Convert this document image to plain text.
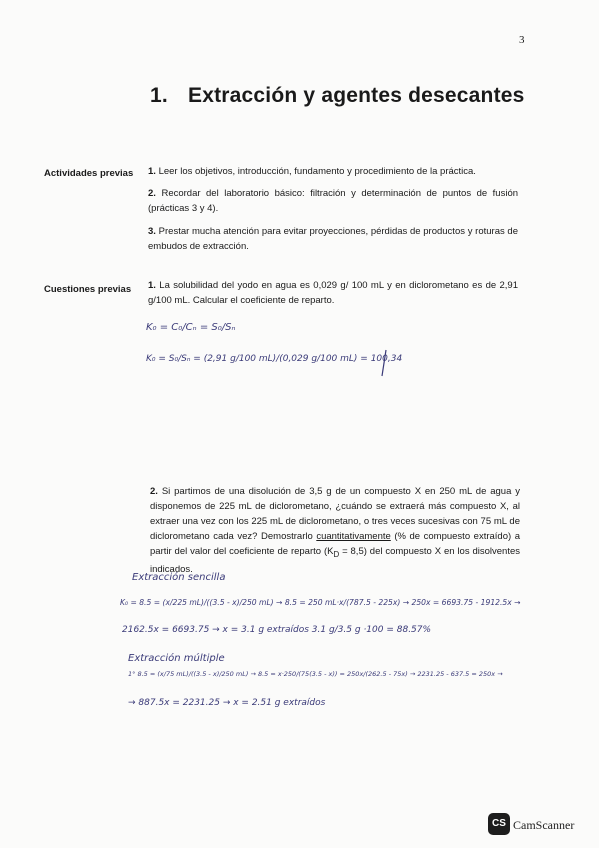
3
1. Extracción y agentes desecantes
Actividades previas 1. Leer los objetivos, introducción, fundamento y procedimiento de la práctica.
2. Recordar del laboratorio básico: filtración y determinación de puntos de fusión (prácticas 3 y 4).
3. Prestar mucha atención para evitar proyecciones, pérdidas de productos y roturas de embudos de extracción.
Cuestiones previas 1. La solubilidad del yodo en agua es 0,029 g/ 100 mL y en diclorometano es de 2,91 g/100 mL. Calcular el coeficiente de reparto.
K₀ = C₀/Cₙ = S₀/Sₙ
K₀ = S₀/Sₙ = (2,91 g/100 mL)/(0,029 g/100 mL) = 100,34
2. Si partimos de una disolución de 3,5 g de un compuesto X en 250 mL de agua y disponemos de 225 mL de diclorometano, ¿cuándo se extraerá más compuesto X, al extraer una vez con los 225 mL de diclorometano, o tres veces sucesivas con 75 mL de diclorometano cada vez? Demostrarlo cuantitativamente (% de compuesto extraído) a partir del valor del coeficiente de reparto $(K_D = 8,5)$ del compuesto X en los disolventes indicados.
Extracción sencilla
K₀ = 8.5 = (x/225 mL)/((3.5 - x)/250 mL) → 8.5 = 250 mL·x/(787.5 - 225x) → 250x = 6693.75 - 1912.5x →
2162.5x = 6693.75 → x = 3.1 g extraídos 3.1 g/3.5 g ·100 = 88.57%
Extracción múltiple
1° 8.5 = (x/75 mL)/((3.5 - x)/250 mL) → 8.5 = x·250/(75(3.5 - x)) = 250x/(262.5 - 75x) → 2231.25 - 637.5 = 250x →
→ 887.5x = 2231.25 → x = 2.51 g extraídos
CS CamScanner
